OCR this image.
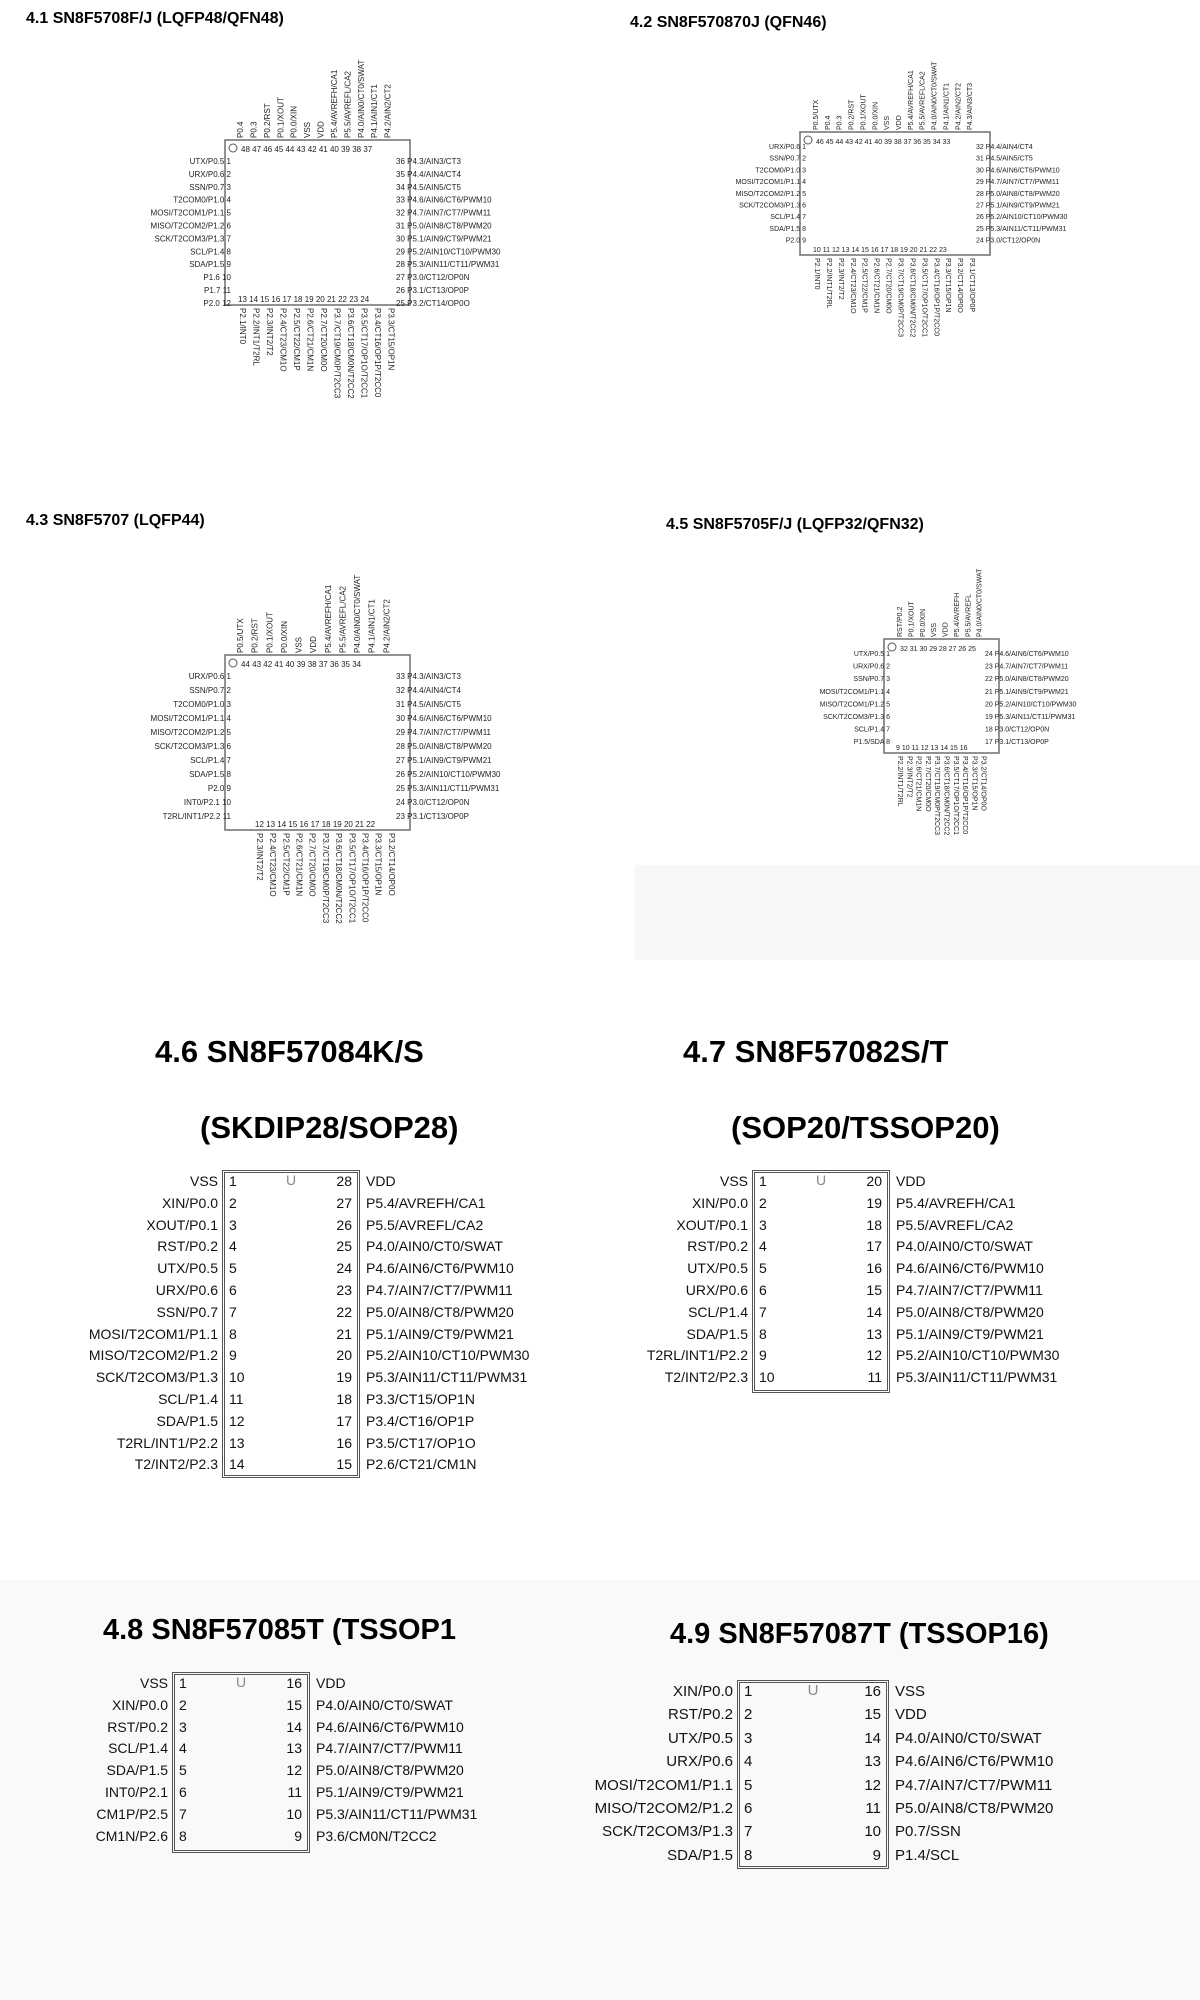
4.1 SN8F5708F/J (LQFP48/QFN48)	4.2 SN8F570870J (QFN46)
4.3 SN8F5707 (LQFP44)	4.5 SN8F5705F/J (LQFP32/QFN32)
4.6 SN8F57084K/S
(SKDIP28/SOP28)
4.7 SN8F57082S/T
(SOP20/TSSOP20)
4.8 SN8F57085T (TSSOP1	4.9 SN8F57087T (TSSOP16)
48 47 46 45 44 43 42 41 40 39 38 37
13 14 15 16 17 18 19 20 21 22 23 24
UTX/P0.5 1
URX/P0.6 2
SSN/P0.7 3
T2COM0/P1.0 4
MOSI/T2COM1/P1.1 5
MISO/T2COM2/P1.2 6
SCK/T2COM3/P1.3 7
SCL/P1.4 8
SDA/P1.5 9
P1.6 10
P1.7 11
P2.0 12
36 P4.3/AIN3/CT3
35 P4.4/AIN4/CT4
34 P4.5/AIN5/CT5
33 P4.6/AIN6/CT6/PWM10
32 P4.7/AIN7/CT7/PWM11
31 P5.0/AIN8/CT8/PWM20
30 P5.1/AIN9/CT9/PWM21
29 P5.2/AIN10/CT10/PWM30
28 P5.3/AIN11/CT11/PWM31
27 P3.0/CT12/OP0N
26 P3.1/CT13/OP0P
25 P3.2/CT14/OP0O
P0.4 P0.3 P0.2/RST P0.1/XOUT P0.0/XIN VSS VDD P5.4/AVREFH/CA1 P5.5/AVREFL/CA2 P4.0/AIN0/CT0/SWAT P4.1/AIN1/CT1 P4.2/AIN2/CT2
P2.1/INT0 P2.2/INT1/T2RL P2.3/INT2/T2 P2.4/CT23/CM1O P2.5/CT22/CM1P P2.6/CT21/CM1N P2.7/CT20/CM0O P3.7/CT19/CM0P/T2CC3 P3.6/CT18/CM0N/T2CC2 P3.5/CT17/OP1O/T2CC1 P3.4/CT16/OP1P/T2CC0 P3.3/CT15/OP1N
46 45 44 43 42 41 40 39 38 37 36 35 34 33
10 11 12 13 14 15 16 17 18 19 20 21 22 23
URX/P0.6 1
SSN/P0.7 2
T2COM0/P1.0 3
MOSI/T2COM1/P1.1 4
MISO/T2COM2/P1.2 5
SCK/T2COM3/P1.3 6
SCL/P1.4 7
SDA/P1.5 8
P2.0 9
32 P4.4/AIN4/CT4
31 P4.5/AIN5/CT5
30 P4.6/AIN6/CT6/PWM10
29 P4.7/AIN7/CT7/PWM11
28 P5.0/AIN8/CT8/PWM20
27 P5.1/AIN9/CT9/PWM21
26 P5.2/AIN10/CT10/PWM30
25 P5.3/AIN11/CT11/PWM31
24 P3.0/CT12/OP0N
P0.5/UTX P0.4 P0.3 P0.2/RST P0.1/XOUT P0.0/XIN VSS VDD P5.4/AVREFH/CA1 P5.5/AVREFL/CA2 P4.0/AIN0/CT0/SWAT P4.1/AIN1/CT1 P4.2/AIN2/CT2 P4.3/AIN3/CT3
P2.1/INT0 P2.2/INT1/T2RL P2.3/INT2/T2 P2.4/CT23/CM1O P2.5/CT22/CM1P P2.6/CT21/CM1N P2.7/CT20/CM0O P3.7/CT19/CM0P/T2CC3 P3.6/CT18/CM0N/T2CC2 P3.5/CT17/OP1O/T2CC1 P3.4/CT16/OP1P/T2CC0 P3.3/CT15/OP1N P3.2/CT14/OP0O P3.1/CT13/OP0P
44 43 42 41 40 39 38 37 36 35 34
12 13 14 15 16 17 18 19 20 21 22
URX/P0.6 1
SSN/P0.7 2
T2COM0/P1.0 3
MOSI/T2COM1/P1.1 4
MISO/T2COM2/P1.2 5
SCK/T2COM3/P1.3 6
SCL/P1.4 7
SDA/P1.5 8
P2.0 9
INT0/P2.1 10
T2RL/INT1/P2.2 11
33 P4.3/AIN3/CT3
32 P4.4/AIN4/CT4
31 P4.5/AIN5/CT5
30 P4.6/AIN6/CT6/PWM10
29 P4.7/AIN7/CT7/PWM11
28 P5.0/AIN8/CT8/PWM20
27 P5.1/AIN9/CT9/PWM21
26 P5.2/AIN10/CT10/PWM30
25 P5.3/AIN11/CT11/PWM31
24 P3.0/CT12/OP0N
23 P3.1/CT13/OP0P
P0.5/UTX P0.2/RST P0.1/XOUT P0.0/XIN VSS VDD P5.4/AVREFH/CA1 P5.5/AVREFL/CA2 P4.0/AIN0/CT0/SWAT P4.1/AIN1/CT1 P4.2/AIN2/CT2
P2.3/INT2/T2 P2.4/CT23/CM1O P2.5/CT22/CM1P P2.6/CT21/CM1N P2.7/CT20/CM0O P3.7/CT19/CM0P/T2CC3 P3.6/CT18/CM0N/T2CC2 P3.5/CT17/OP1O/T2CC1 P3.4/CT16/OP1P/T2CC0 P3.3/CT15/OP1N P3.2/CT14/OP0O
32 31 30 29 28 27 26 25
9 10 11 12 13 14 15 16
UTX/P0.5 1
URX/P0.6 2
SSN/P0.7 3
MOSI/T2COM1/P1.1 4
MISO/T2COM1/P1.2 5
SCK/T2COM3/P1.3 6
SCL/P1.4 7
P1.5/SDA 8
24 P4.6/AIN6/CT6/PWM10
23 P4.7/AIN7/CT7/PWM11
22 P5.0/AIN8/CT8/PWM20
21 P5.1/AIN9/CT9/PWM21
20 P5.2/AIN10/CT10/PWM30
19 P5.3/AIN11/CT11/PWM31
18 P3.0/CT12/OP0N
17 P3.1/CT13/OP0P
RST/P0.2 P0.1/XOUT P0.0/XIN VSS VDD P5.4/AVREFH P5.5/AVREFL P4.0/AIN0/CT0/SWAT
P2.2/INT1/T2RL P2.3/INT2/T2 P2.6/CT21/CM1N P2.7/CT20/CM0O P3.7/CT19/CM0P/T2CC3 P3.6/CT18/CM0N/T2CC2 P3.5/CT17/OP1O/T2CC1 P3.4/CT16/OP1P/T2CC0 P3.3/CT15/OP1N P3.2/CT14/OP0O
U
VSS 1	28 VDD
XIN/P0.0 2	27 P5.4/AVREFH/CA1
XOUT/P0.1 3	26 P5.5/AVREFL/CA2
RST/P0.2 4	25 P4.0/AIN0/CT0/SWAT
UTX/P0.5 5	24 P4.6/AIN6/CT6/PWM10
URX/P0.6 6	23 P4.7/AIN7/CT7/PWM11
SSN/P0.7 7	22 P5.0/AIN8/CT8/PWM20
MOSI/T2COM1/P1.1 8	21 P5.1/AIN9/CT9/PWM21
MISO/T2COM2/P1.2 9	20 P5.2/AIN10/CT10/PWM30
SCK/T2COM3/P1.3 10	19 P5.3/AIN11/CT11/PWM31
SCL/P1.4 11	18 P3.3/CT15/OP1N
SDA/P1.5 12	17 P3.4/CT16/OP1P
T2RL/INT1/P2.2 13	16 P3.5/CT17/OP1O
T2/INT2/P2.3 14	15 P2.6/CT21/CM1N
U
VSS 1	20 VDD
XIN/P0.0 2	19 P5.4/AVREFH/CA1
XOUT/P0.1 3	18 P5.5/AVREFL/CA2
RST/P0.2 4	17 P4.0/AIN0/CT0/SWAT
UTX/P0.5 5	16 P4.6/AIN6/CT6/PWM10
URX/P0.6 6	15 P4.7/AIN7/CT7/PWM11
SCL/P1.4 7	14 P5.0/AIN8/CT8/PWM20
SDA/P1.5 8	13 P5.1/AIN9/CT9/PWM21
T2RL/INT1/P2.2 9	12 P5.2/AIN10/CT10/PWM30
T2/INT2/P2.3 10	11 P5.3/AIN11/CT11/PWM31
U
VSS 1	16 VDD
XIN/P0.0 2	15 P4.0/AIN0/CT0/SWAT
RST/P0.2 3	14 P4.6/AIN6/CT6/PWM10
SCL/P1.4 4	13 P4.7/AIN7/CT7/PWM11
SDA/P1.5 5	12 P5.0/AIN8/CT8/PWM20
INT0/P2.1 6	11 P5.1/AIN9/CT9/PWM21
CM1P/P2.5 7	10 P5.3/AIN11/CT11/PWM31
CM1N/P2.6 8	9 P3.6/CM0N/T2CC2
U
XIN/P0.0 1	16 VSS
RST/P0.2 2	15 VDD
UTX/P0.5 3	14 P4.0/AIN0/CT0/SWAT
URX/P0.6 4	13 P4.6/AIN6/CT6/PWM10
MOSI/T2COM1/P1.1 5	12 P4.7/AIN7/CT7/PWM11
MISO/T2COM2/P1.2 6	11 P5.0/AIN8/CT8/PWM20
SCK/T2COM3/P1.3 7	10 P0.7/SSN
SDA/P1.5 8	9 P1.4/SCL
